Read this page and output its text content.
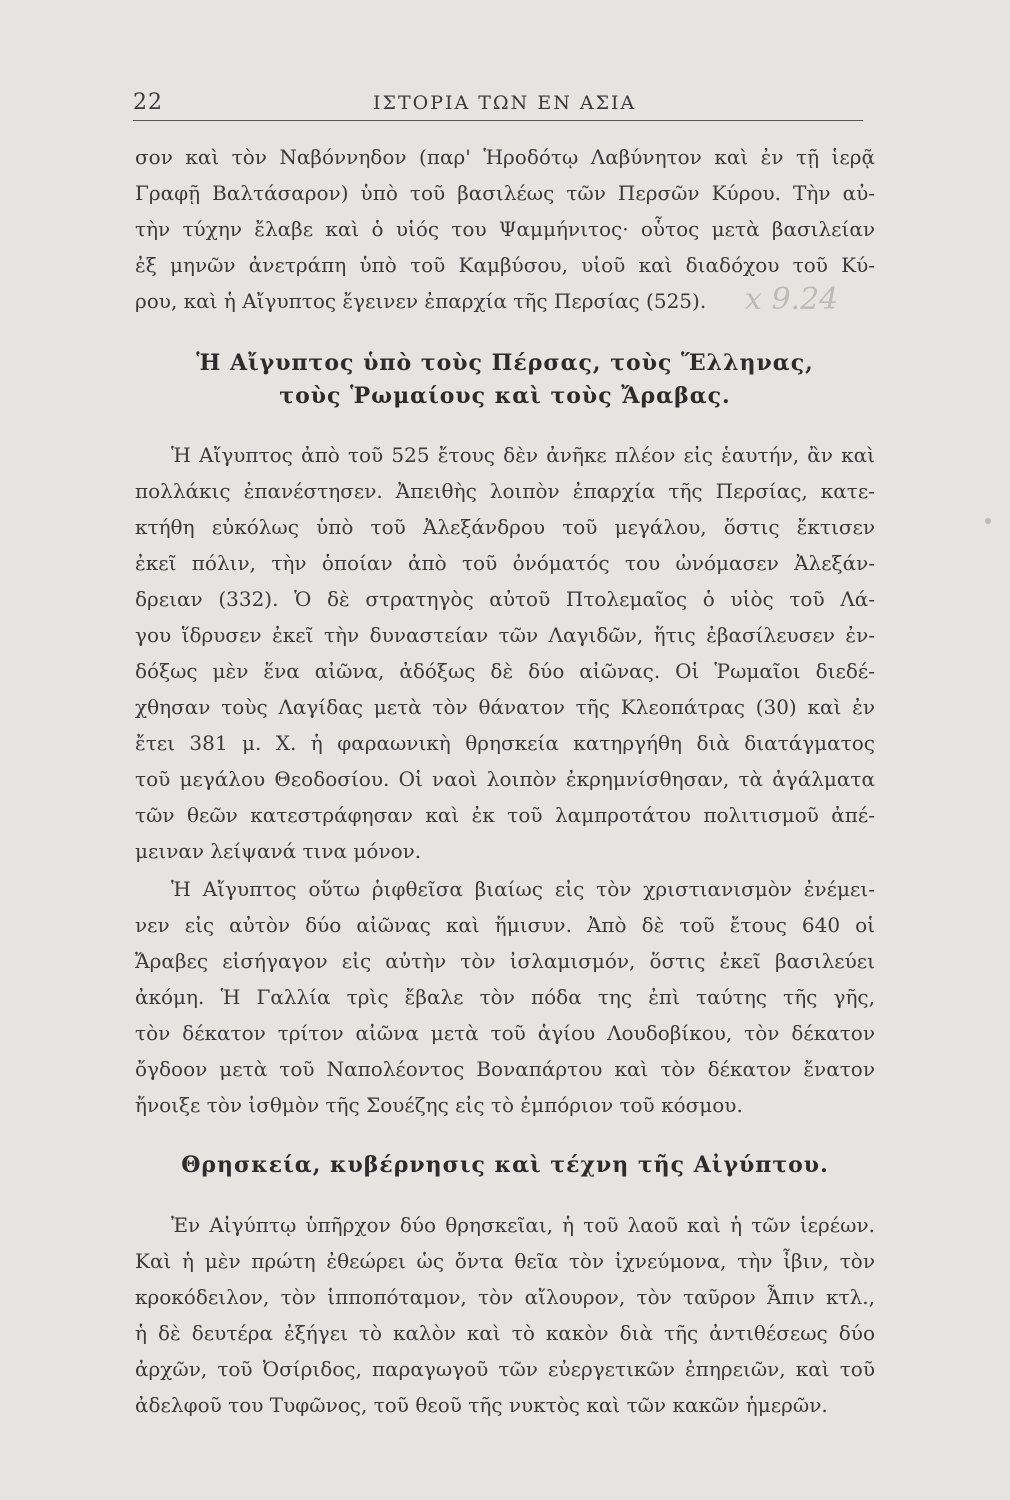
22	ΙΣΤΟΡΙΑ ΤΩΝ ΕΝ ΑΣΙΑ
x 9.24
σον καὶ τὸν Ναβόννηδον (παρ' Ἡροδότῳ Λαβύνητον καὶ ἐν τῇ ἱερᾷ
Γραφῇ Βαλτάσαρον) ὑπὸ τοῦ βασιλέως τῶν Περσῶν Κύρου. Τὴν αὐ-
τὴν τύχην ἔλαβε καὶ ὁ υἱός του Ψαμμήνιτος· οὗτος μετὰ βασιλείαν
ἐξ μηνῶν ἀνετράπη ὑπὸ τοῦ Καμβύσου, υἱοῦ καὶ διαδόχου τοῦ Κύ-
ρου, καὶ ἡ Αἴγυπτος ἔγεινεν ἐπαρχία τῆς Περσίας (525).
Ἡ Αἴγυπτος ὑπὸ τοὺς Πέρσας, τοὺς Ἕλληνας,
τοὺς Ῥωμαίους καὶ τοὺς Ἄραβας.
Ἡ Αἴγυπτος ἀπὸ τοῦ 525 ἔτους δὲν ἀνῆκε πλέον εἰς ἑαυτήν, ἂν καὶ
πολλάκις ἐπανέστησεν. Ἀπειθὴς λοιπὸν ἐπαρχία τῆς Περσίας, κατε-
κτήθη εὐκόλως ὑπὸ τοῦ Ἀλεξάνδρου τοῦ μεγάλου, ὅστις ἔκτισεν
ἐκεῖ πόλιν, τὴν ὁποίαν ἀπὸ τοῦ ὀνόματός του ὠνόμασεν Ἀλεξάν-
δρειαν (332). Ὁ δὲ στρατηγὸς αὐτοῦ Πτολεμαῖος ὁ υἱὸς τοῦ Λά-
γου ἵδρυσεν ἐκεῖ τὴν δυναστείαν τῶν Λαγιδῶν, ἥτις ἐβασίλευσεν ἐν-
δόξως μὲν ἕνα αἰῶνα, ἀδόξως δὲ δύο αἰῶνας. Οἱ Ῥωμαῖοι διεδέ-
χθησαν τοὺς Λαγίδας μετὰ τὸν θάνατον τῆς Κλεοπάτρας (30) καὶ ἐν
ἔτει 381 μ. Χ. ἡ φαραωνικὴ θρησκεία κατηργήθη διὰ διατάγματος
τοῦ μεγάλου Θεοδοσίου. Οἱ ναοὶ λοιπὸν ἐκρημνίσθησαν, τὰ ἀγάλματα
τῶν θεῶν κατεστράφησαν καὶ ἐκ τοῦ λαμπροτάτου πολιτισμοῦ ἀπέ-
μειναν λείψανά τινα μόνον.
Ἡ Αἴγυπτος οὕτω ῥιφθεῖσα βιαίως εἰς τὸν χριστιανισμὸν ἐνέμει-
νεν εἰς αὐτὸν δύο αἰῶνας καὶ ἥμισυν. Ἀπὸ δὲ τοῦ ἔτους 640 οἱ
Ἄραβες εἰσήγαγον εἰς αὐτὴν τὸν ἰσλαμισμόν, ὅστις ἐκεῖ βασιλεύει
ἀκόμη. Ἡ Γαλλία τρὶς ἔβαλε τὸν πόδα της ἐπὶ ταύτης τῆς γῆς,
τὸν δέκατον τρίτον αἰῶνα μετὰ τοῦ ἁγίου Λουδοβίκου, τὸν δέκατον
ὄγδοον μετὰ τοῦ Ναπολέοντος Βοναπάρτου καὶ τὸν δέκατον ἔνατον
ἤνοιξε τὸν ἰσθμὸν τῆς Σουέζης εἰς τὸ ἐμπόριον τοῦ κόσμου.
Θρησκεία, κυβέρνησις καὶ τέχνη τῆς Αἰγύπτου.
Ἐν Αἰγύπτῳ ὑπῆρχον δύο θρησκεῖαι, ἡ τοῦ λαοῦ καὶ ἡ τῶν ἱερέων.
Καὶ ἡ μὲν πρώτη ἐθεώρει ὡς ὄντα θεῖα τὸν ἰχνεύμονα, τὴν ἶβιν, τὸν
κροκόδειλον, τὸν ἱπποπόταμον, τὸν αἴλουρον, τὸν ταῦρον Ἆπιν κτλ.,
ἡ δὲ δευτέρα ἐξήγει τὸ καλὸν καὶ τὸ κακὸν διὰ τῆς ἀντιθέσεως δύο
ἀρχῶν, τοῦ Ὀσίριδος, παραγωγοῦ τῶν εὐεργετικῶν ἐπηρειῶν, καὶ τοῦ
ἀδελφοῦ του Τυφῶνος, τοῦ θεοῦ τῆς νυκτὸς καὶ τῶν κακῶν ἡμερῶν.
